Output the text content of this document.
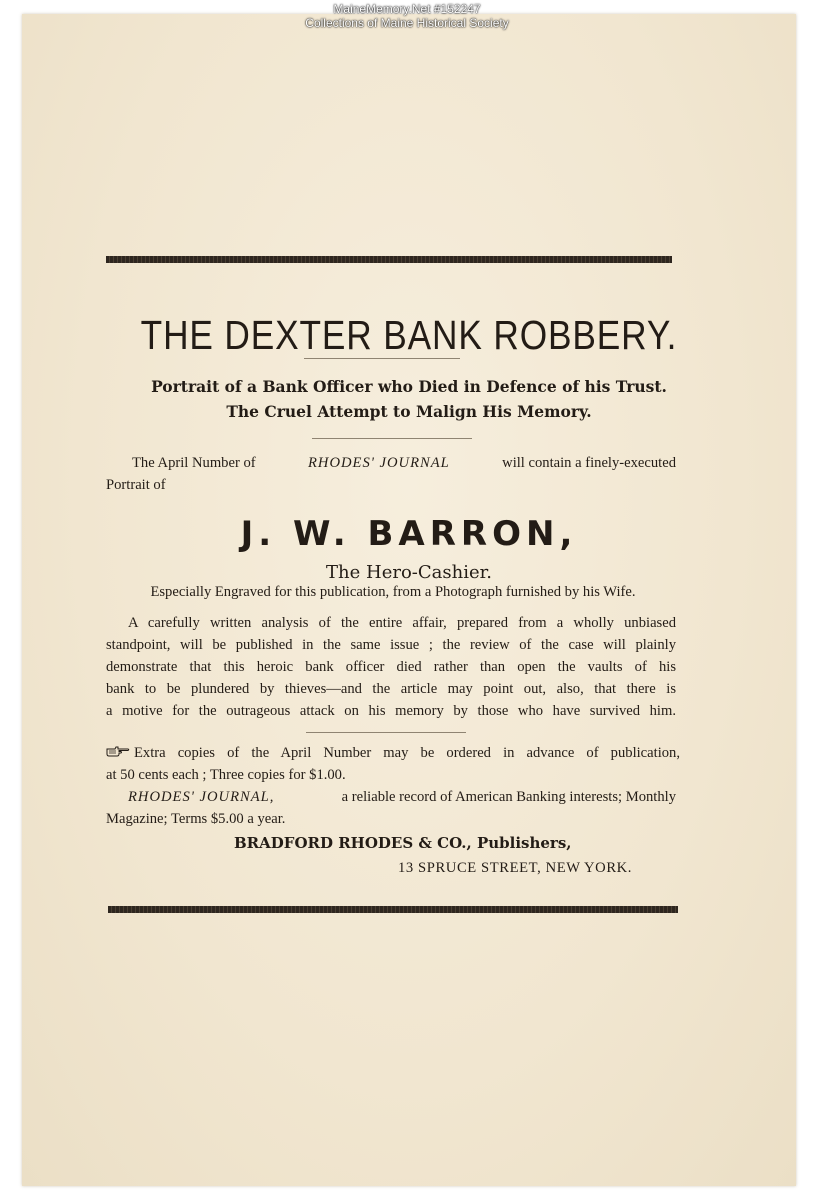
MaineMemory.Net #152247
Collections of Maine Historical Society
THE DEXTER BANK ROBBERY.
Portrait of a Bank Officer who Died in Defence of his Trust.
The Cruel Attempt to Malign His Memory.
The April Number of	RHODES' JOURNAL	will contain a finely-executed
Portrait of
J. W. BARRON,
The Hero-Cashier.
Especially Engraved for this publication, from a Photograph furnished by his Wife.
A carefully written analysis of the entire affair, prepared from a wholly unbiased
standpoint, will be published in the same issue ; the review of the case will plainly
demonstrate that this heroic bank officer died rather than open the vaults of his
bank to be plundered by thieves—and the article may point out, also, that there is
a motive for the outrageous attack on his memory by those who have survived him.
Extra copies of the April Number may be ordered in advance of publication,
at 50 cents each ; Three copies for $1.00.
RHODES' JOURNAL,	a reliable record of American Banking interests; Monthly
Magazine; Terms $5.00 a year.
BRADFORD RHODES & CO., Publishers,
13 SPRUCE STREET, NEW YORK.
